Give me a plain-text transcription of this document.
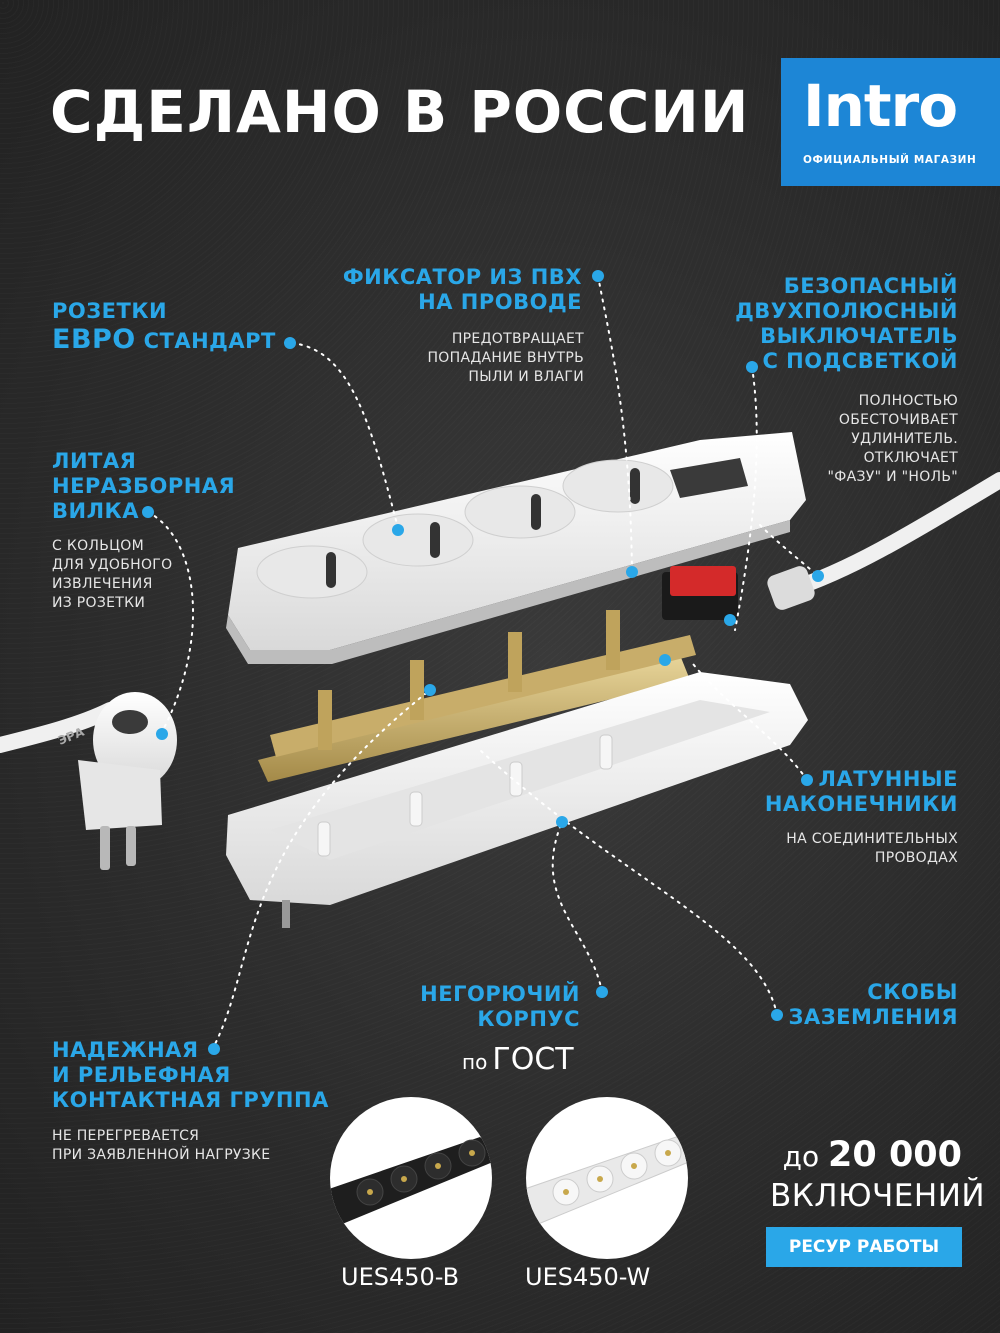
ЭРА
СДЕЛАНО В РОССИИ Intro
ОФИЦИАЛЬНЫЙ МАГАЗИН
РОЗЕТКИ
ЕВРО СТАНДАРТ
ФИКСАТОР ИЗ ПВХ
НА ПРОВОДЕ
ПРЕДОТВРАЩАЕТ
ПОПАДАНИЕ ВНУТРЬ
ПЫЛИ И ВЛАГИ
БЕЗОПАСНЫЙ
ДВУХПОЛЮСНЫЙ
ВЫКЛЮЧАТЕЛЬ
С ПОДСВЕТКОЙ
ПОЛНОСТЬЮ
ОБЕСТОЧИВАЕТ
УДЛИНИТЕЛЬ.
ОТКЛЮЧАЕТ
"ФАЗУ" И "НОЛЬ"
ЛИТАЯ
НЕРАЗБОРНАЯ
ВИЛКА
С КОЛЬЦОМ
ДЛЯ УДОБНОГО
ИЗВЛЕЧЕНИЯ
ИЗ РОЗЕТКИ
ЛАТУННЫЕ
НАКОНЕЧНИКИ
НА СОЕДИНИТЕЛЬНЫХ
ПРОВОДАХ
НЕГОРЮЧИЙ
КОРПУС
по ГОСТ
СКОБЫ
ЗАЗЕМЛЕНИЯ
НАДЕЖНАЯ
И РЕЛЬЕФНАЯ
КОНТАКТНАЯ ГРУППА
НЕ ПЕРЕГРЕВАЕТСЯ
ПРИ ЗАЯВЛЕННОЙ НАГРУЗКЕ
UES450-B	UES450-W
до 20 000
ВКЛЮЧЕНИЙ
РЕСУР РАБОТЫ
